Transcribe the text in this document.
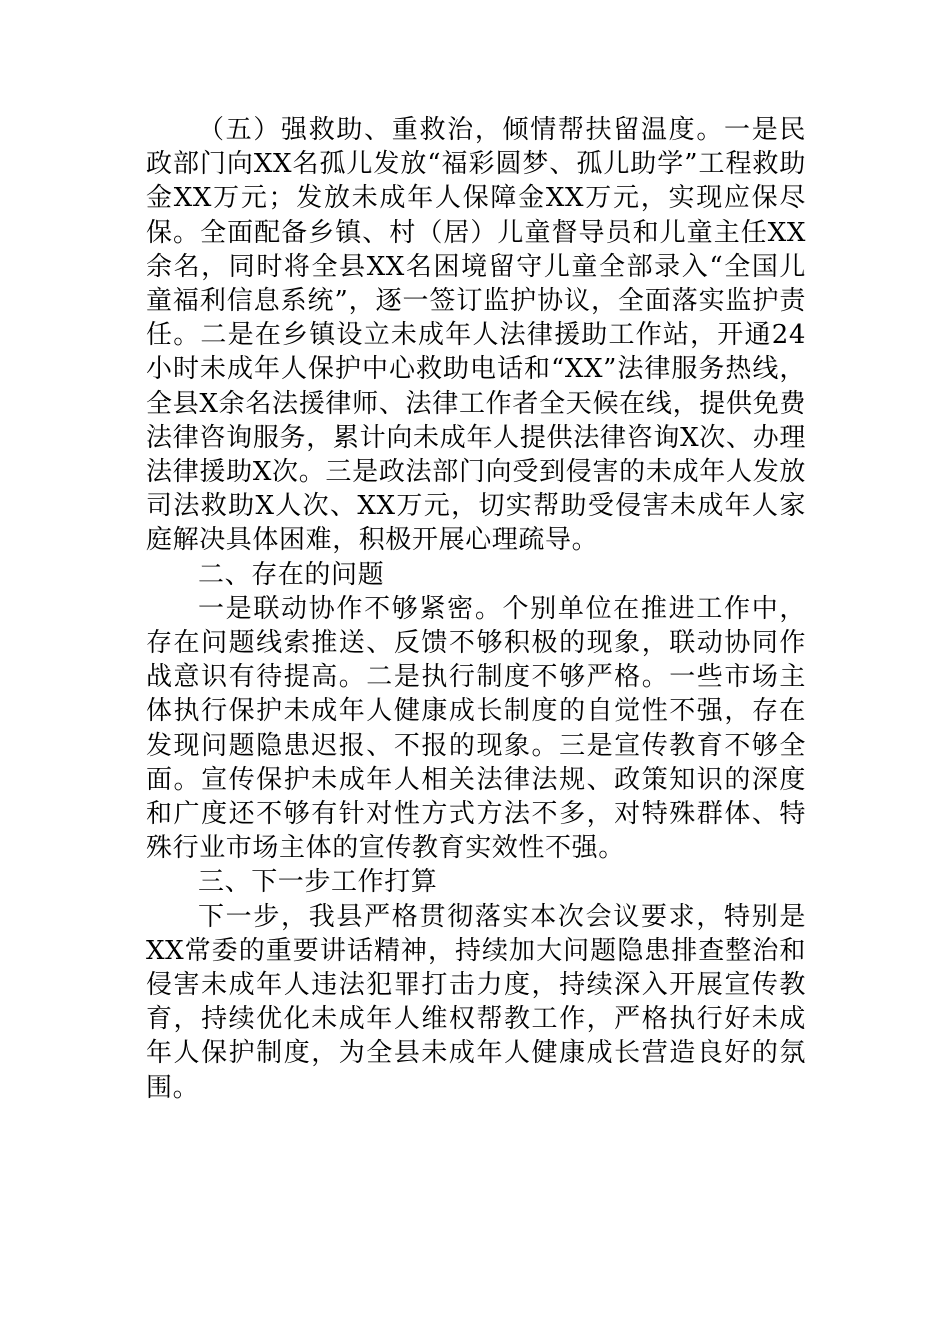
（五）强救助、重救治，倾情帮扶留温度。一是民政部门向XX名孤儿发放“福彩圆梦、孤儿助学”工程救助金XX万元；发放未成年人保障金XX万元，实现应保尽保。全面配备乡镇、村（居）儿童督导员和儿童主任XX余名，同时将全县XX名困境留守儿童全部录入“全国儿童福利信息系统”，逐一签订监护协议，全面落实监护责任。二是在乡镇设立未成年人法律援助工作站，开通24小时未成年人保护中心救助电话和“XX”法律服务热线，全县X余名法援律师、法律工作者全天候在线，提供免费法律咨询服务，累计向未成年人提供法律咨询X次、办理法律援助X次。三是政法部门向受到侵害的未成年人发放司法救助X人次、XX万元，切实帮助受侵害未成年人家庭解决具体困难，积极开展心理疏导。

二、存在的问题

一是联动协作不够紧密。个别单位在推进工作中，存在问题线索推送、反馈不够积极的现象，联动协同作战意识有待提高。二是执行制度不够严格。一些市场主体执行保护未成年人健康成长制度的自觉性不强，存在发现问题隐患迟报、不报的现象。三是宣传教育不够全面。宣传保护未成年人相关法律法规、政策知识的深度和广度还不够有针对性方式方法不多，对特殊群体、特殊行业市场主体的宣传教育实效性不强。

三、下一步工作打算

下一步，我县严格贯彻落实本次会议要求，特别是XX常委的重要讲话精神，持续加大问题隐患排查整治和侵害未成年人违法犯罪打击力度，持续深入开展宣传教育，持续优化未成年人维权帮教工作，严格执行好未成年人保护制度，为全县未成年人健康成长营造良好的氛围。
